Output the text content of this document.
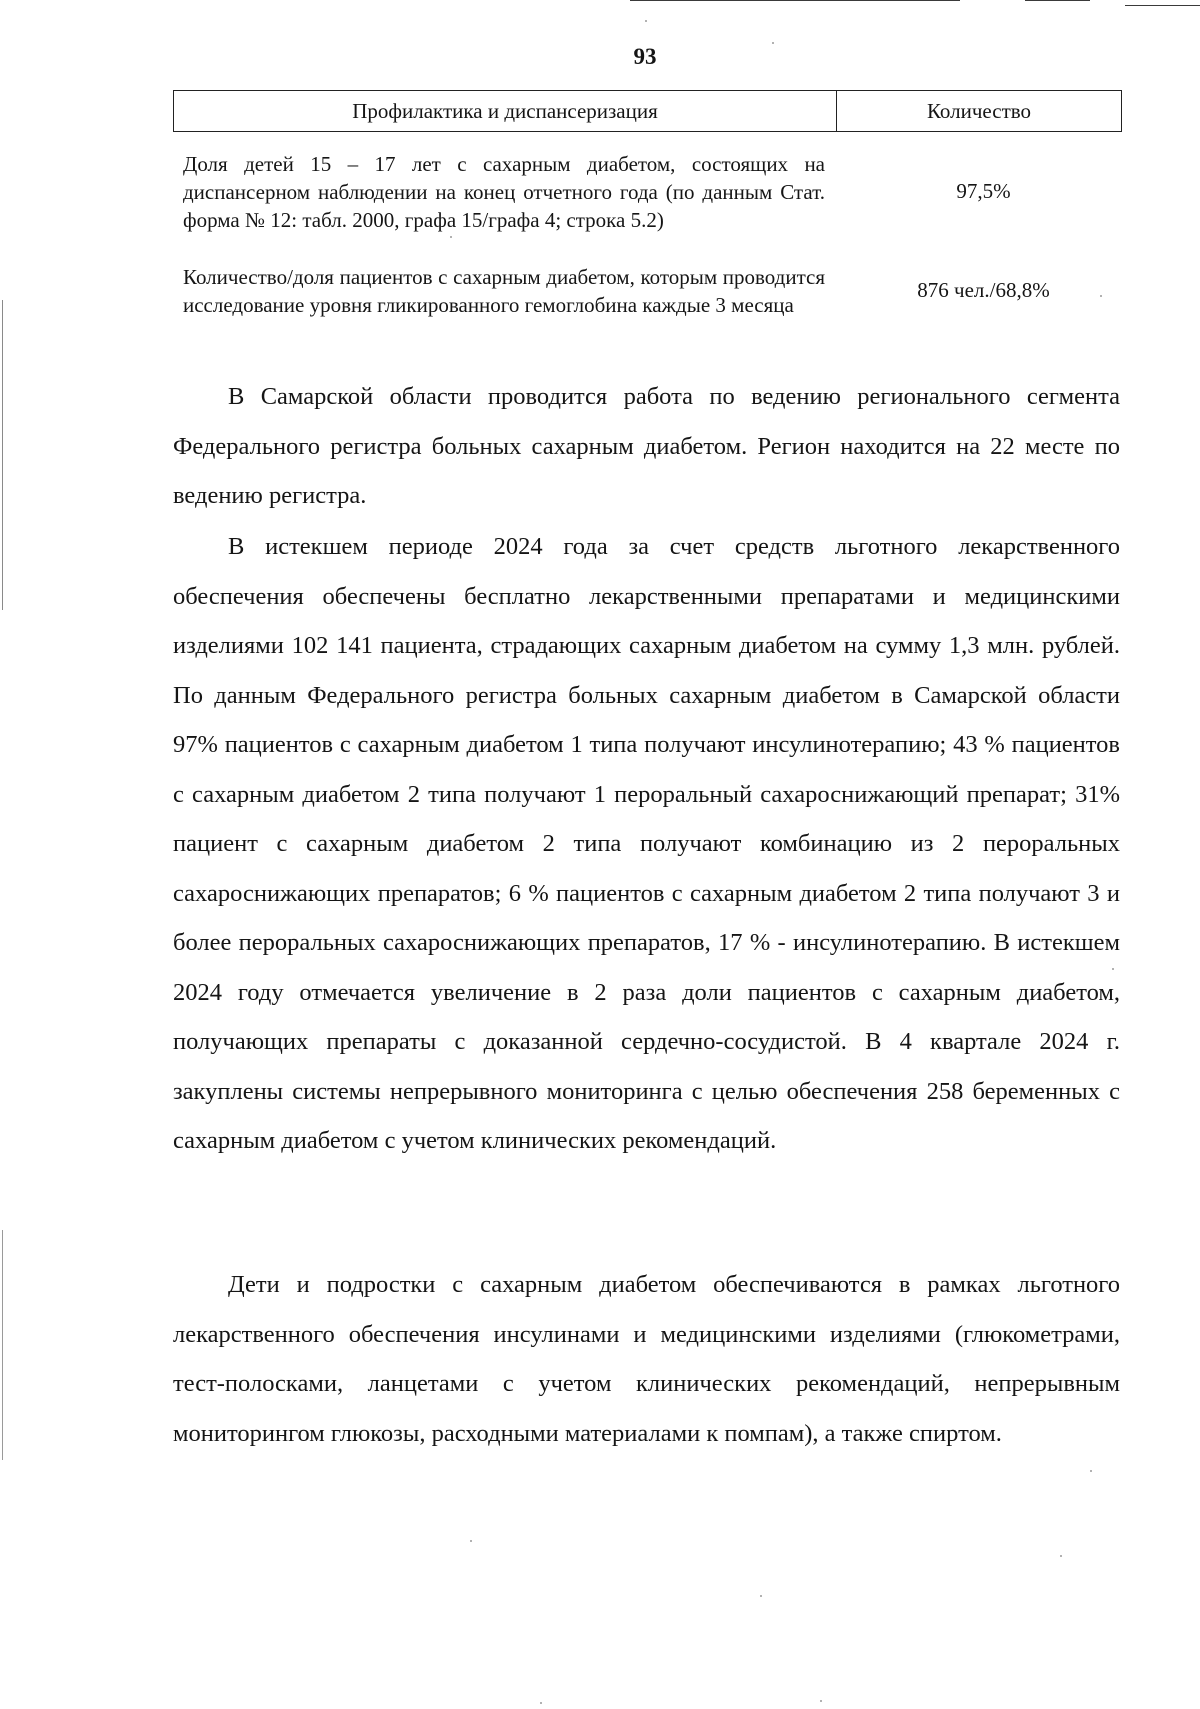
93
Профилактика и диспансеризация	Количество
Доля детей 15 – 17 лет с сахарным диабетом, состоящих на диспансерном наблюдении на конец отчетного года (по данным Стат. форма № 12: табл. 2000, графа 15/графа 4; строка 5.2)
97,5%
Количество/доля пациентов с сахарным диабетом, которым проводится исследование уровня гликированного гемоглобина каждые 3 месяца
876 чел./68,8%

В Самарской области проводится работа по ведению регионального сегмента Федерального регистра больных сахарным диабетом. Регион находится на 22 месте по ведению регистра.

В истекшем периоде 2024 года за счет средств льготного лекарственного обеспечения обеспечены бесплатно лекарственными препаратами и медицинскими изделиями 102 141 пациента, страдающих сахарным диабетом на сумму 1,3 млн. рублей. По данным Федерального регистра больных сахарным диабетом в Самарской области 97% пациентов с сахарным диабетом 1 типа получают инсулинотерапию; 43 % пациентов с сахарным диабетом 2 типа получают 1 пероральный сахароснижающий препарат; 31% пациент с сахарным диабетом 2 типа получают комбинацию из 2 пероральных сахароснижающих препаратов; 6 % пациентов с сахарным диабетом 2 типа получают 3 и более пероральных сахароснижающих препаратов, 17 % - инсулинотерапию. В истекшем 2024 году отмечается увеличение в 2 раза доли пациентов с сахарным диабетом, получающих препараты с доказанной сердечно-сосудистой. В 4 квартале 2024 г. закуплены системы непрерывного мониторинга с целью обеспечения 258 беременных с сахарным диабетом с учетом клинических рекомендаций.

Дети и подростки с сахарным диабетом обеспечиваются в рамках льготного лекарственного обеспечения инсулинами и медицинскими изделиями (глюкометрами, тест-полосками, ланцетами с учетом клинических рекомендаций, непрерывным мониторингом глюкозы, расходными материалами к помпам), а также спиртом.
